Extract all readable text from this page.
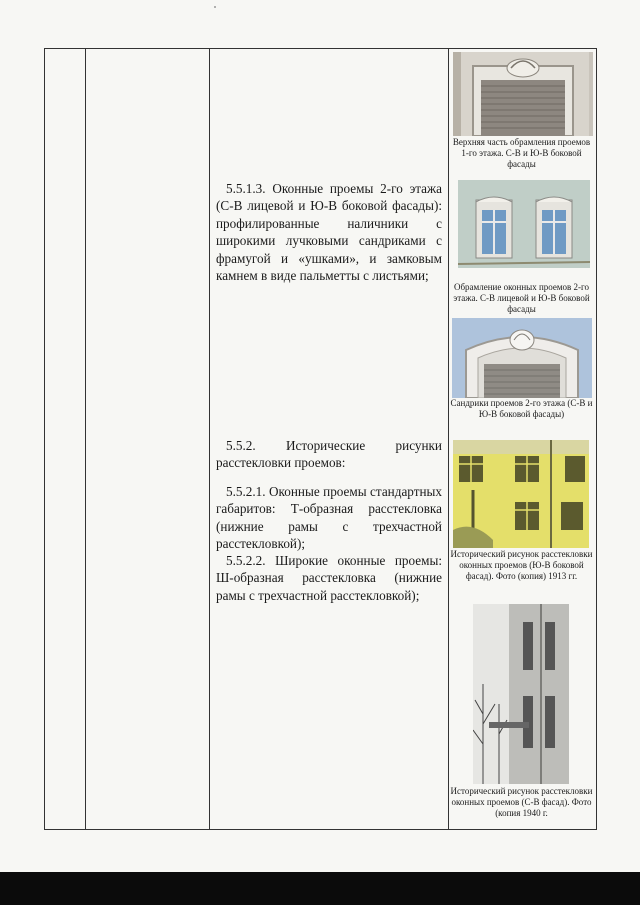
5.5.1.3. Оконные проемы 2-го этажа (С-В лицевой и Ю-В боковой фасады): профилированные наличники с широкими лучковыми сандриками с фрамугой и «ушками», и замковым камнем в виде пальметты с листьями;
5.5.2. Исторические рисунки расстекловки проемов:
5.5.2.1. Оконные проемы стандартных габаритов: Т-образная расстекловка (нижние рамы с трехчастной расстекловкой);
5.5.2.2. Широкие оконные проемы: Ш-образная расстекловка (нижние рамы с трехчастной расстекловкой);
Верхняя часть обрамления проемов 1-го этажа. С-В и Ю-В боковой фасады
Обрамление оконных проемов 2-го этажа. С-В лицевой и Ю-В боковой фасады
Сандрики проемов 2-го этажа (С-В и Ю-В боковой фасады)
Исторический рисунок расстекловки оконных проемов (Ю-В боковой фасад). Фото (копия) 1913 гг.
Исторический рисунок расстекловки оконных проемов (С-В фасад). Фото (копия 1940 г.
